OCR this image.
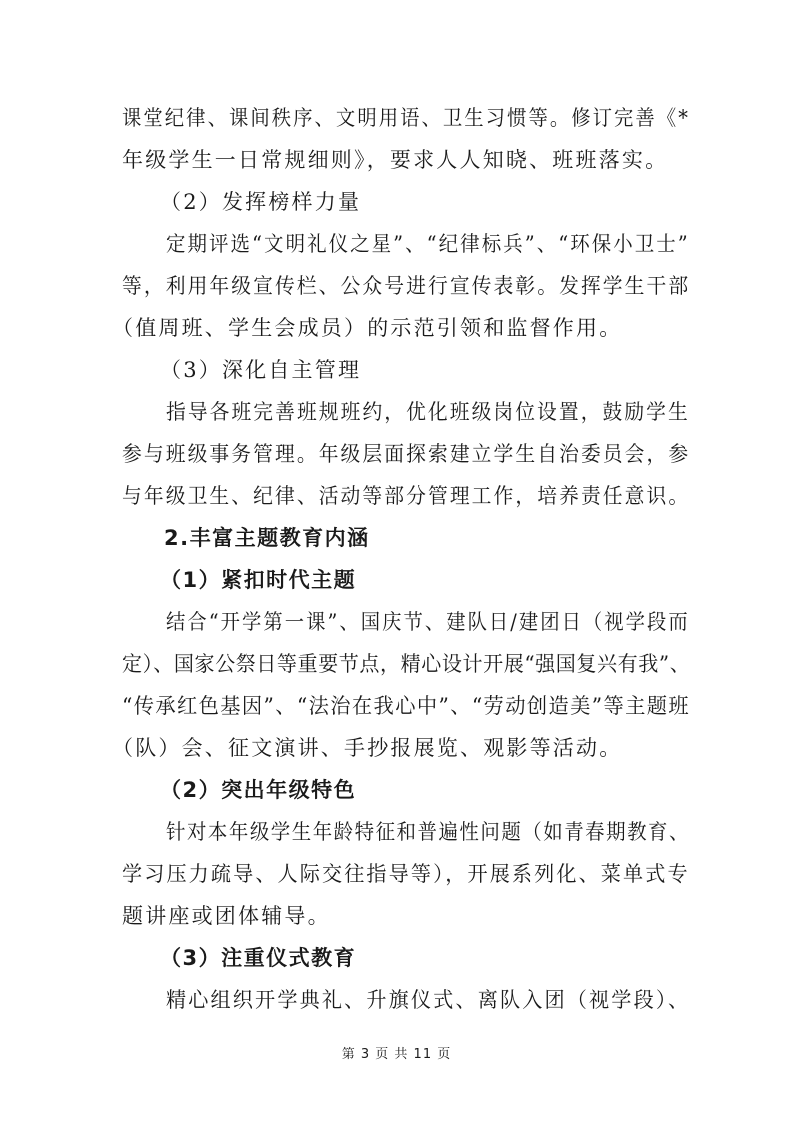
课堂纪律、课间秩序、文明用语、卫生习惯等。修订完善《*
年级学生一日常规细则》，要求人人知晓、班班落实。
（2）发挥榜样力量
定期评选“文明礼仪之星”、“纪律标兵”、“环保小卫士”
等，利用年级宣传栏、公众号进行宣传表彰。发挥学生干部
（值周班、学生会成员）的示范引领和监督作用。
（3）深化自主管理
指导各班完善班规班约，优化班级岗位设置，鼓励学生
参与班级事务管理。年级层面探索建立学生自治委员会，参
与年级卫生、纪律、活动等部分管理工作，培养责任意识。
2.丰富主题教育内涵
（1）紧扣时代主题
结合“开学第一课”、国庆节、建队日/建团日（视学段而
定）、国家公祭日等重要节点，精心设计开展“强国复兴有我”、
“传承红色基因”、“法治在我心中”、“劳动创造美”等主题班
（队）会、征文演讲、手抄报展览、观影等活动。
（2）突出年级特色
针对本年级学生年龄特征和普遍性问题（如青春期教育、
学习压力疏导、人际交往指导等），开展系列化、菜单式专
题讲座或团体辅导。
（3）注重仪式教育
精心组织开学典礼、升旗仪式、离队入团（视学段）、
第 3 页 共 11 页
